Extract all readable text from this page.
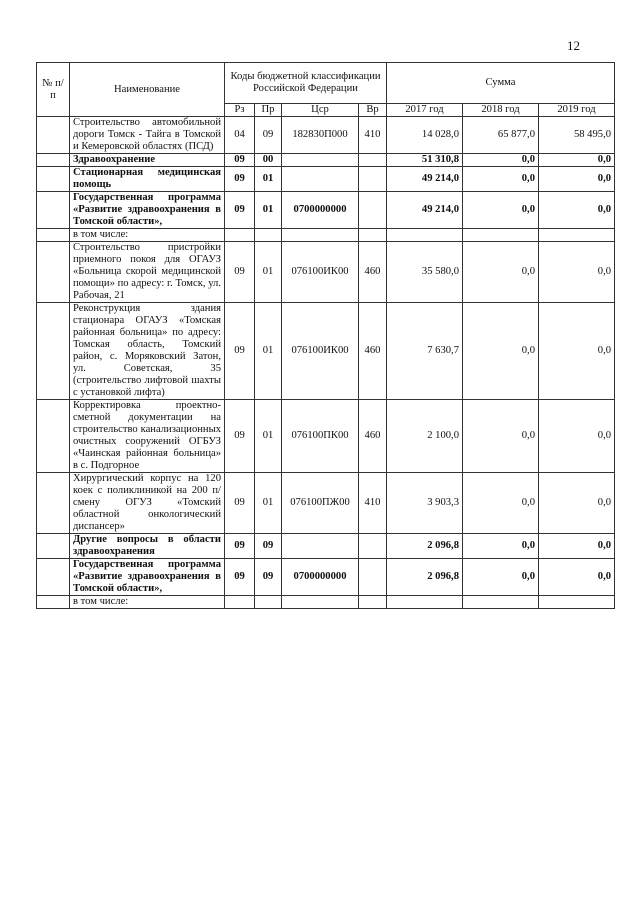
12
№ п/п	Наименование	Коды бюджетной классификации Российской Федерации				Сумма		
		Рз	Пр	Цср	Вр	2017 год	2018 год	2019 год
	Строительство автомобильной дороги Томск - Тайга в Томской и Кемеровской областях (ПСД)	04	09	182830П000	410	14 028,0	65 877,0	58 495,0
	Здравоохранение	09	00			51 310,8	0,0	0,0
	Стационарная медицинская помощь	09	01			49 214,0	0,0	0,0
	Государственная программа «Развитие здравоохранения в Томской области»,	09	01	0700000000		49 214,0	0,0	0,0
	в том числе:							
	Строительство пристройки приемного покоя для ОГАУЗ «Больница скорой медицинской помощи» по адресу: г. Томск, ул. Рабочая, 21	09	01	076100ИК00	460	35 580,0	0,0	0,0
	Реконструкция здания стационара ОГАУЗ «Томская районная больница» по адресу: Томская область, Томский район, с. Моряковский Затон, ул. Советская, 35 (строительство лифтовой шахты с установкой лифта)	09	01	076100ИК00	460	7 630,7	0,0	0,0
	Корректировка проектно-сметной документации на строительство канализационных очистных сооружений ОГБУЗ «Чаинская районная больница» в с. Подгорное	09	01	076100ПК00	460	2 100,0	0,0	0,0
	Хирургический корпус на 120 коек с поликлиникой на 200 п/смену ОГУЗ «Томский областной онкологический диспансер»	09	01	076100ПЖ00	410	3 903,3	0,0	0,0
	Другие вопросы в области здравоохранения	09	09			2 096,8	0,0	0,0
	Государственная программа «Развитие здравоохранения в Томской области»,	09	09	0700000000		2 096,8	0,0	0,0
	в том числе:							
